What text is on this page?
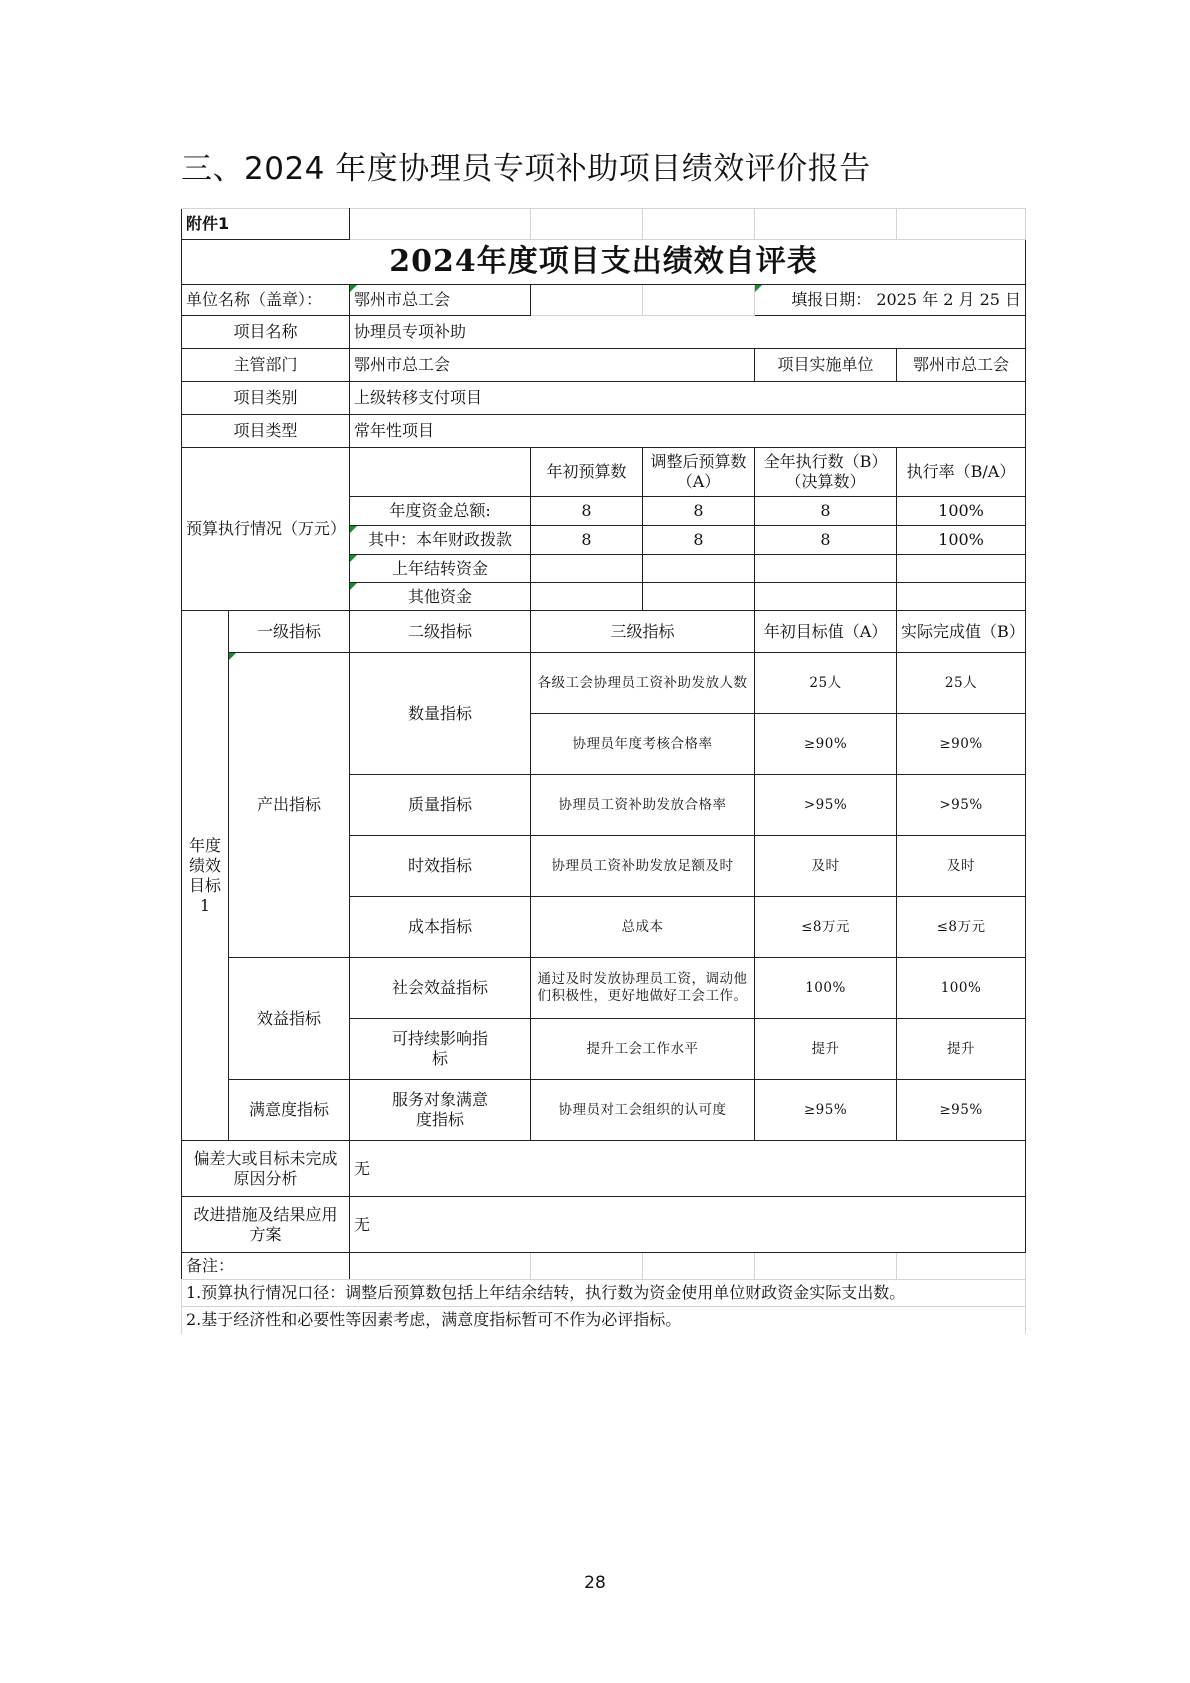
三、2024 年度协理员专项补助项目绩效评价报告
附件1						
2024年度项目支出绩效自评表						
单位名称（盖章）：		鄂州市总工会			填报日期： 2025 年 2 月 25 日	
项目名称		协理员专项补助				
主管部门		鄂州市总工会			项目实施单位	鄂州市总工会
项目类别		上级转移支付项目				
项目类型		常年性项目				
预算执行情况（万元）			年初预算数	调整后预算数（A）	全年执行数（B）（决算数）	执行率（B/A）
		年度资金总额:	8	8	8	100%
		其中：本年财政拨款	8	8	8	100%
		上年结转资金				
		其他资金				
年度绩效目标1	一级指标	二级指标	三级指标		年初目标值（A）	实际完成值（B）
	产出指标	数量指标	各级工会协理员工资补助发放人数		25人	25人
			协理员年度考核合格率		≥90%	≥90%
		质量指标	协理员工资补助发放合格率		>95%	>95%
		时效指标	协理员工资补助发放足额及时		及时	及时
		成本指标	总成本		≤8万元	≤8万元
	效益指标	社会效益指标	通过及时发放协理员工资，调动他们积极性，更好地做好工会工作。		100%	100%
		可持续影响指标	提升工会工作水平		提升	提升
	满意度指标	服务对象满意度指标	协理员对工会组织的认可度		≥95%	≥95%
偏差大或目标未完成原因分析		无				
改进措施及结果应用方案		无				
备注：						
1.预算执行情况口径：调整后预算数包括上年结余结转，执行数为资金使用单位财政资金实际支出数。						
2.基于经济性和必要性等因素考虑，满意度指标暂可不作为必评指标。						
28
